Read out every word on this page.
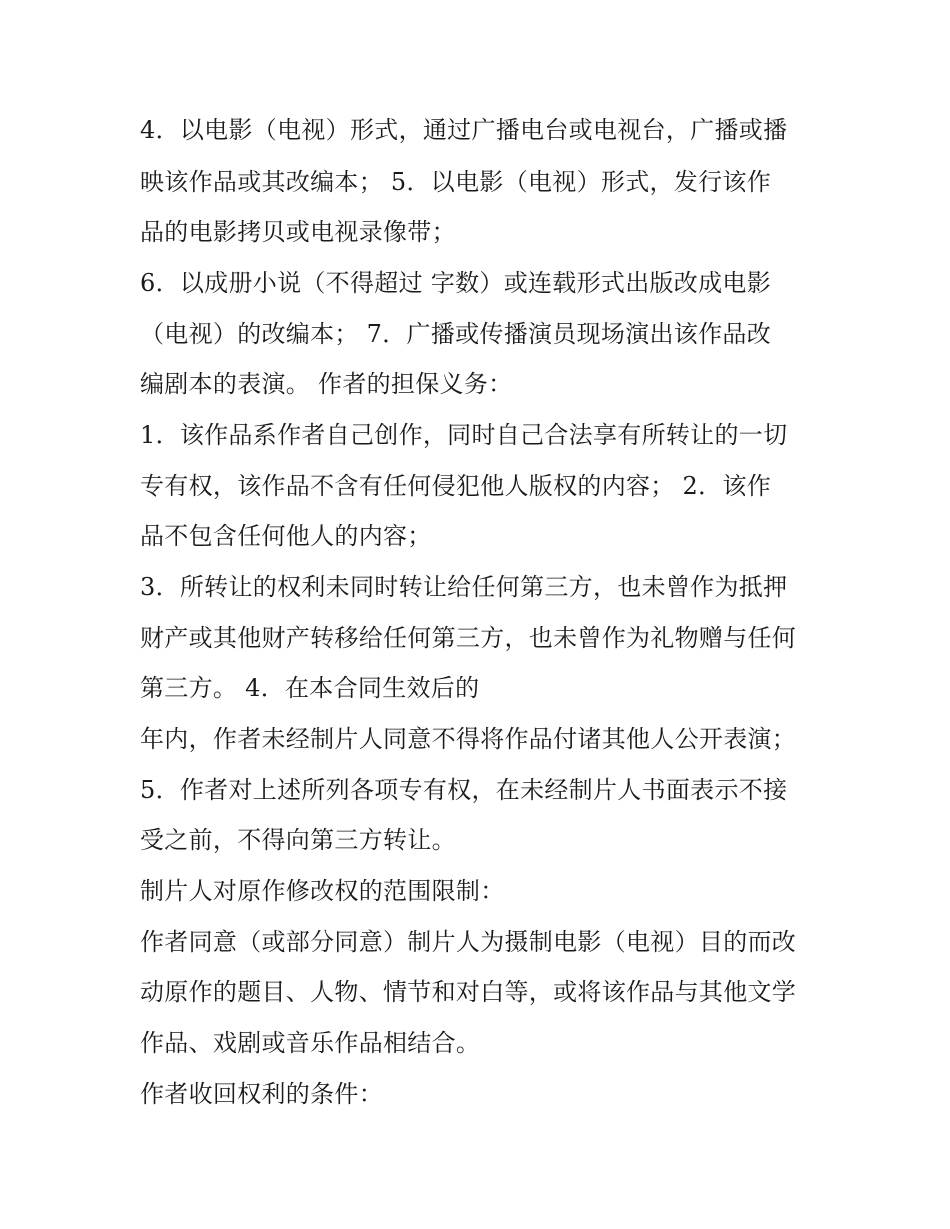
4．以电影（电视）形式，通过广播电台或电视台，广播或播
映该作品或其改编本； 5．以电影（电视）形式，发行该作
品的电影拷贝或电视录像带；
6．以成册小说（不得超过 字数）或连载形式出版改成电影
（电视）的改编本； 7．广播或传播演员现场演出该作品改
编剧本的表演。 作者的担保义务：
1．该作品系作者自己创作，同时自己合法享有所转让的一切
专有权，该作品不含有任何侵犯他人版权的内容； 2．该作
品不包含任何他人的内容；
3．所转让的权利未同时转让给任何第三方，也未曾作为抵押
财产或其他财产转移给任何第三方，也未曾作为礼物赠与任何
第三方。 4．在本合同生效后的
年内，作者未经制片人同意不得将作品付诸其他人公开表演；
5．作者对上述所列各项专有权，在未经制片人书面表示不接
受之前，不得向第三方转让。
制片人对原作修改权的范围限制：
作者同意（或部分同意）制片人为摄制电影（电视）目的而改
动原作的题目、人物、情节和对白等，或将该作品与其他文学
作品、戏剧或音乐作品相结合。
作者收回权利的条件：
